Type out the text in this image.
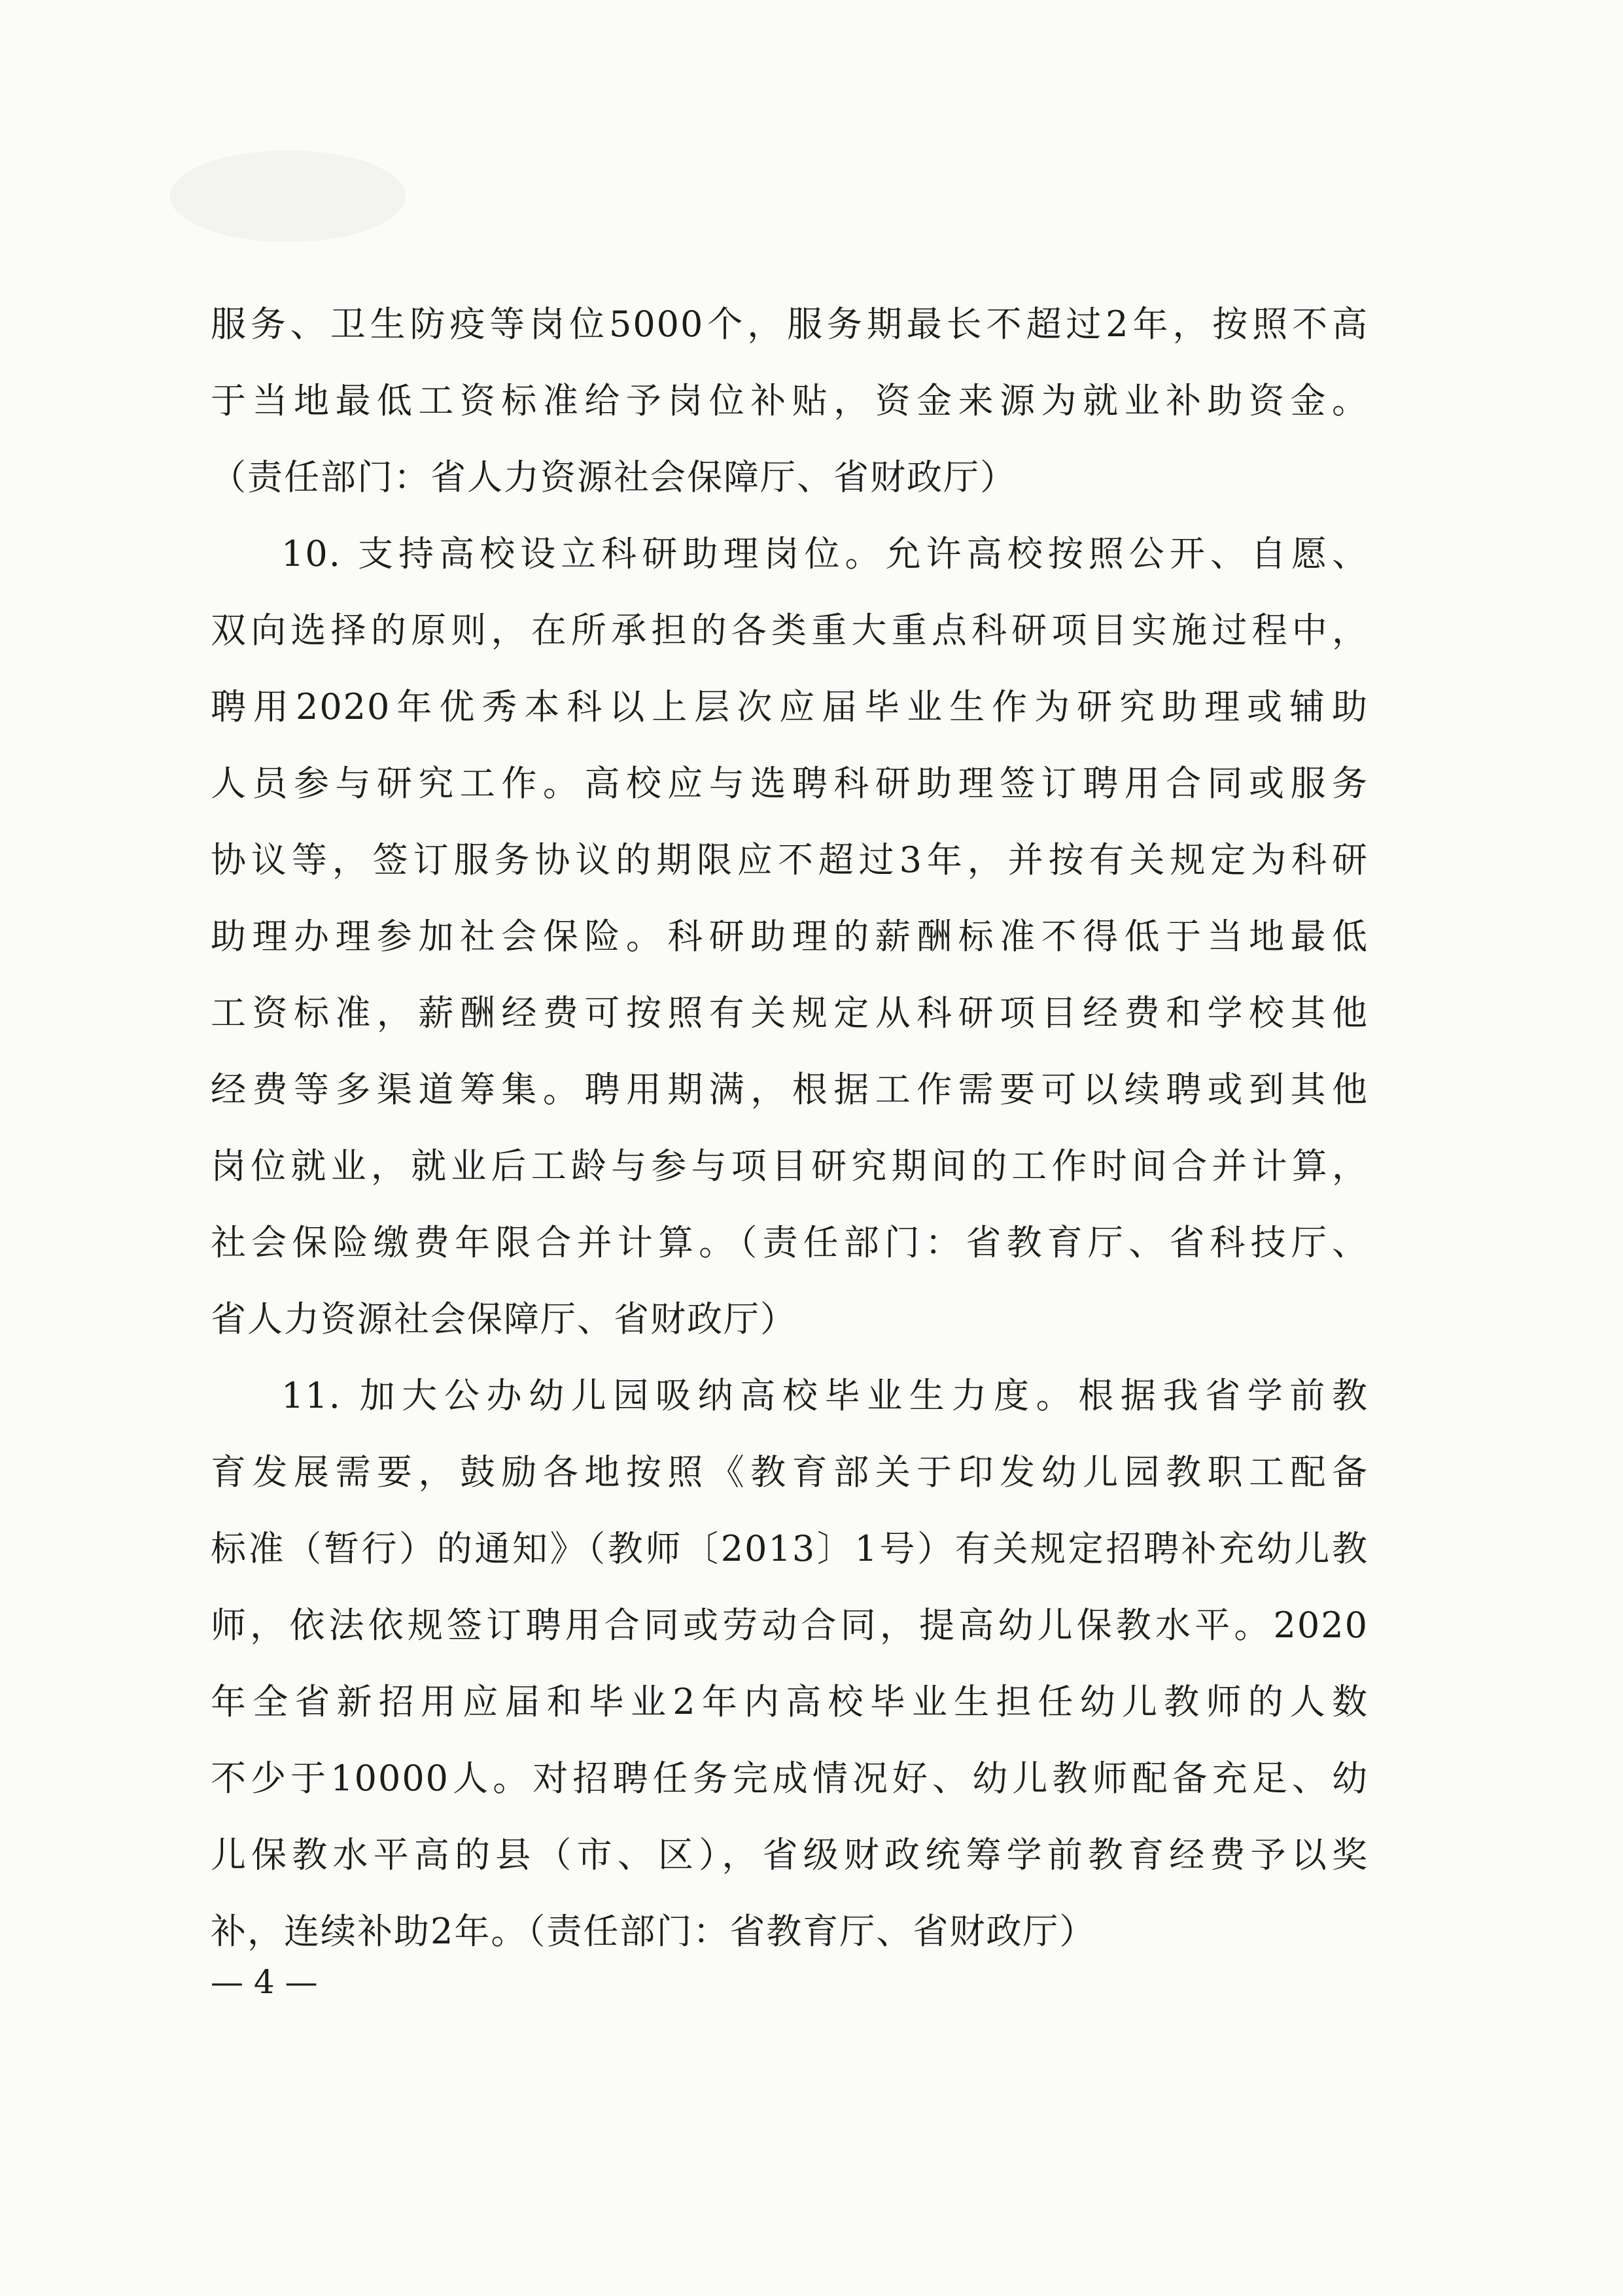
服务、卫生防疫等岗位5000个，服务期最长不超过2年，按照不高
于当地最低工资标准给予岗位补贴，资金来源为就业补助资金。
（责任部门：省人力资源社会保障厅、省财政厅）
10. 支持高校设立科研助理岗位。允许高校按照公开、自愿、
双向选择的原则，在所承担的各类重大重点科研项目实施过程中，
聘用2020年优秀本科以上层次应届毕业生作为研究助理或辅助
人员参与研究工作。高校应与选聘科研助理签订聘用合同或服务
协议等，签订服务协议的期限应不超过3年，并按有关规定为科研
助理办理参加社会保险。科研助理的薪酬标准不得低于当地最低
工资标准，薪酬经费可按照有关规定从科研项目经费和学校其他
经费等多渠道筹集。聘用期满，根据工作需要可以续聘或到其他
岗位就业，就业后工龄与参与项目研究期间的工作时间合并计算，
社会保险缴费年限合并计算。（责任部门：省教育厅、省科技厅、
省人力资源社会保障厅、省财政厅）
11. 加大公办幼儿园吸纳高校毕业生力度。根据我省学前教
育发展需要，鼓励各地按照《教育部关于印发幼儿园教职工配备
标准（暂行）的通知》（教师〔2013〕1号）有关规定招聘补充幼儿教
师，依法依规签订聘用合同或劳动合同，提高幼儿保教水平。2020
年全省新招用应届和毕业2年内高校毕业生担任幼儿教师的人数
不少于10000人。对招聘任务完成情况好、幼儿教师配备充足、幼
儿保教水平高的县（市、区），省级财政统筹学前教育经费予以奖
补，连续补助2年。（责任部门：省教育厅、省财政厅）
— 4 —
